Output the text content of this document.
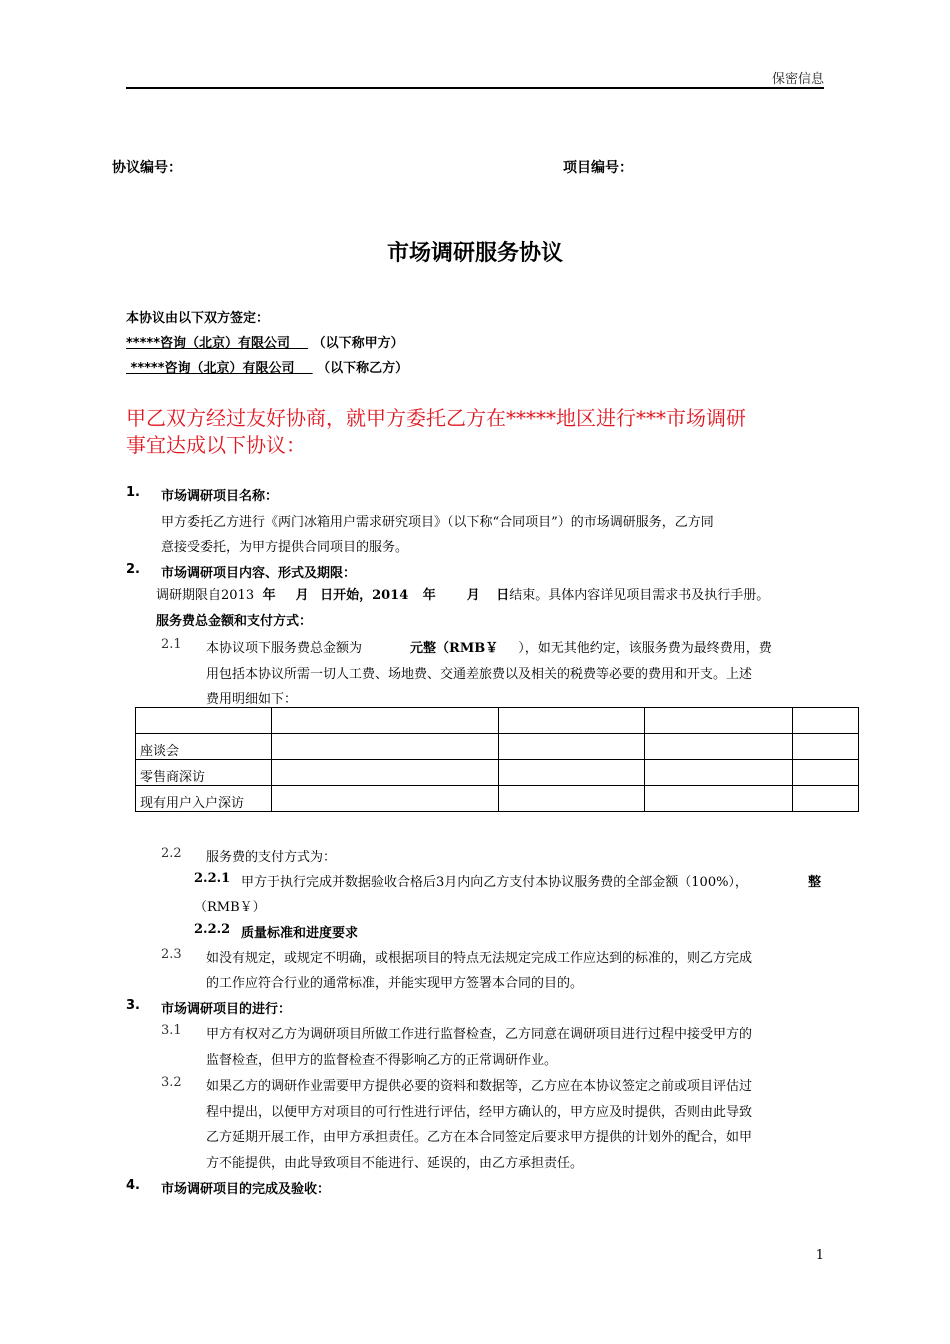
保密信息
协议编号：	项目编号：
市场调研服务协议
本协议由以下双方签定：
*****咨询（北京）有限公司 （以下称甲方）
*****咨询（北京）有限公司 （以下称乙方）
甲乙双方经过友好协商，就甲方委托乙方在*****地区进行***市场调研
事宜达成以下协议：
1. 市场调研项目名称：
甲方委托乙方进行《两门冰箱用户需求研究项目》（以下称“合同项目”）的市场调研服务，乙方同
意接受委托，为甲方提供合同项目的服务。
2. 市场调研项目内容、形式及期限：
调研期限自2013 年 月 日开始，2014 年 月 日结束。具体内容详见项目需求书及执行手册。
服务费总金额和支付方式：
2.1 本协议项下服务费总金额为	元整（RMB￥ ），如无其他约定，该服务费为最终费用，费
用包括本协议所需一切人工费、场地费、交通差旅费以及相关的税费等必要的费用和开支。上述
费用明细如下：

座谈会				
零售商深访				
现有用户入户深访				
2.2 服务费的支付方式为：
2.2.1 甲方于执行完成并数据验收合格后3月内向乙方支付本协议服务费的全部金额（100%），	整
（RMB￥）
2.2.2 质量标准和进度要求
2.3 如没有规定，或规定不明确，或根据项目的特点无法规定完成工作应达到的标准的，则乙方完成
的工作应符合行业的通常标准，并能实现甲方签署本合同的目的。
3. 市场调研项目的进行：
3.1 甲方有权对乙方为调研项目所做工作进行监督检查，乙方同意在调研项目进行过程中接受甲方的
监督检查，但甲方的监督检查不得影响乙方的正常调研作业。
3.2 如果乙方的调研作业需要甲方提供必要的资料和数据等，乙方应在本协议签定之前或项目评估过
程中提出，以便甲方对项目的可行性进行评估，经甲方确认的，甲方应及时提供，否则由此导致
乙方延期开展工作，由甲方承担责任。乙方在本合同签定后要求甲方提供的计划外的配合，如甲
方不能提供，由此导致项目不能进行、延误的，由乙方承担责任。
4. 市场调研项目的完成及验收：
1
